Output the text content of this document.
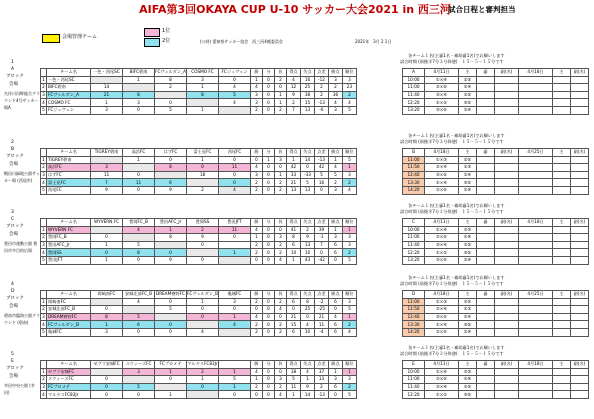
AIFA第3回OKAYA CUP U-10 サッカー大会2021 in 西三河
試合日程と審判担当
会場管理チーム
1位
2位	(公財) 愛知県サッカー協会　西三河4種委員会	2021年　3月 2 1日
1
A
ブロック
会場
矢作川河畔総合グラウンド4号サッカー場A
	チーム名	一色・西尾SC	BIFC碧南	FCヴェルダン_A	COSMO FC	FCジュヴェン	勝	分	負	得点	失点	点差	勝点	順位
1	一色・西尾SC		1	8	3	0	1	0	2	4	16	-12	3	3
2	BIFC碧南	14		2	1	4	4	0	0	12	25	2	2	23
3	FCヴェルダン_A	21	8		8	5	3	0	1	9	38	2	36	2
4	COSMO FC	1	3	0		4	3	0	1	2	15	-13	4	4
5	FCジュヴェン	3	0	5	1		2	0	2	7	13	-6	3	5
各チーム１名(主審1名・補助審1名)でお願いします
試合時間 (前後半7分３分休憩)　１５－５－１５分です
A	4月11日	主	審	副(名)	4月18日	主	副(名)
10:00	①×④	②③					
11:00	②×⑤	①④					
11:40	③×④	②⑤					
12:20	①×②	③⑤					
13:20	③×⑤	②④					
2
B
ブロック
会場
鴨田川緑地公園サッカー場 (西尾市)
	チーム名	TIGREY碧南	高浜FC	はずFC	富士見FC	西尾FC	勝	分	負	得点	失点	点差	勝点	順位
1	TIGREY碧南		1	0	1	0	0	1	3	1	14	-13	1	5
2	高浜FC	3		8	0	11	4	0	0	42	0	42	4	1
3	はずFC	11	0		18	0	3	0	1	33	-33	5	5	3
4	富士見FC	7	11	6		0	2	0	2	21	5	16	2	2
5	西尾FC	9	0	9	2	4	2	0	2	13	13	0	3	4
各チーム１名(主審1名・補助審1名)でお願いします
試合時間 (前後半7分３分休憩)　１５－５－１５分です
B	4月18日	主	審	副(名)	4月25日	主	副(名)
11:00	①×③	②⑤					
11:50	②×④	①③					
12:40	③×⑤	②④					
13:30	①×④	③⑤					
14:20	②×⑤	①④					
3
C
ブロック
会場
豊田市運動公園 豊田市多目的広場
	チーム名	WYVERN FC	豊岡FC_B	豊田AFC_Jr	豊岡SS	豊田JFT	勝	分	負	得点	失点	点差	勝点	順位
1	WYVERN FC		4	1	2	11	4	0	0	41	2	39	1	1
2	豊岡FC_B	0		8	9	0	1	0	3	8	9	-1	3	3
3	豊田AFC_Jr	1	5		0		2	0	2	6	13	7	6	3
4	豊岡SS	0	8	0		1	2	0	2	10	10	0	6	2
5	豊田JFT	1	0	9	0		0	0	4	1	43	-42	0	5
各チーム１名(主審1名・補助審1名)でお願いします
試合時間 (前後半7分３分休憩)　１５－５－１５分です
C	4月11日	主	審	副(名)	4月18日	主	副(名)
10:00	①×④	②③					
11:00	②×⑤	①④					
11:40	③×④	②⑤					
12:20	①×②	③⑤					
13:20	③×⑤	②④					
4
D
ブロック
会場
碧南市臨海公園グラウンド (碧南)
	チーム名	岡崎南FC	安城北部FC_B	DREAM寮野FC	FCヴェルダン_B	亀城FC	勝	分	負	得点	失点	点差	勝点	順位
1	岡崎南FC		4	0	1	3	2	0	2	6	8	-2	6	3
2	安城北部FC_B	0		5	0	0	0	0	4	0	25	-25	0	5
3	DREAM寮野FC	8	5		0	1	4	0	0	21	0	21	4	1
4	FCヴェルダン_B	1	6	0		4	2	0	2	15	4	11	6	2
5	亀城FC	3	0	0	4		2	0	2	6	10	-4	6	4
各チーム１名(主審1名・補助審1名)でお願いします
試合時間 (前後半7分３分休憩)　１５－５－１５分です
D	4月18日	主	審	副(名)	4月25日	主	副(名)
11:00	①×③	②⑤					
11:50	②×④	①③					
12:40	③×⑤	②④					
13:30	①×④	③⑤					
14:20	②×⑤	①④					
5
E
ブロック
会場
幸田中央公園 (幸田)
	チーム名	ゼブラ安城FC	スウィーズFC	FCプロメテ	マルヤスFC83Jr		勝	分	負	得点	失点	点差	勝点	順位
1	ゼブラ安城FC		3	1	2	1	4	0	0	38	4	37	1	1
2	スウィーズFC	0		0	1	5	1	0	3	5	1	13	3	3
3	FCプロメテ	0	5		0	1	2	0	2	11	9	2	6	2
4	マルヤスFC83Jr	0	0	1		0	0	0	4	1	14	-13	0	5
各チーム１名(主審1名・補助審1名)でお願いします
試合時間 (前後半7分３分休憩)　１５－５－１５分です
E	4月11日	主	審	副(名)	4月18日	主	副(名)
10:00	①×④	②③					
11:00	②×⑤	①④					
11:40	③×④	②⑤					
12:20	①×②	③⑤					
